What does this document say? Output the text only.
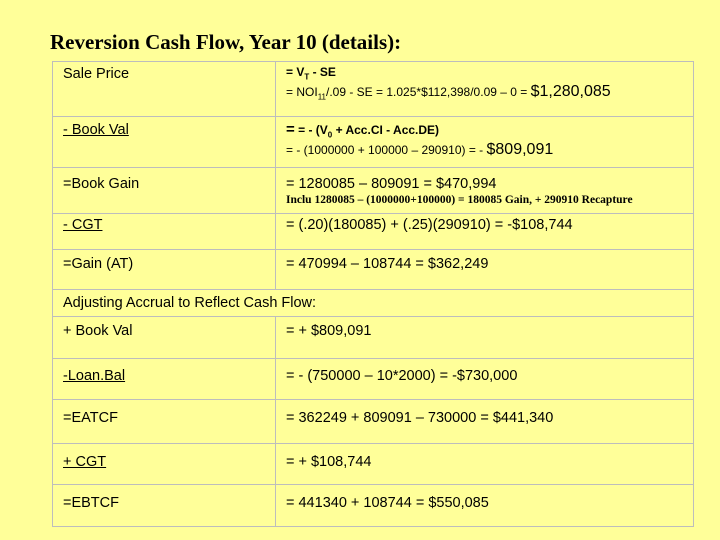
Reversion Cash Flow, Year 10 (details):
Sale Price	= $V_T$ - SE
= $NOI_{11}/.09$ - SE = 1.025*$112,398/0.09 – 0 = $1,280,085

- Book Val	= = - $(V_0 + Acc.CI - Acc.DE)$
= - (1000000 + 100000 – 290910) = - $809,091

=Book Gain	= 1280085 – 809091 = $470,994
Inclu 1280085 – (1000000+100000) = 180085 Gain, + 290910 Recapture

- CGT	= (.20)(180085) + (.25)(290910) = -$108,744

=Gain (AT)	= 470994 – 108744 = $362,249

Adjusting Accrual to Reflect Cash Flow:	
+ Book Val	= + $809,091

-Loan.Bal	= - (750000 – 10*2000) = -$730,000

=EATCF	= 362249 + 809091 – 730000 = $441,340

+ CGT	= + $108,744

=EBTCF	= 441340 + 108744 = $550,085
